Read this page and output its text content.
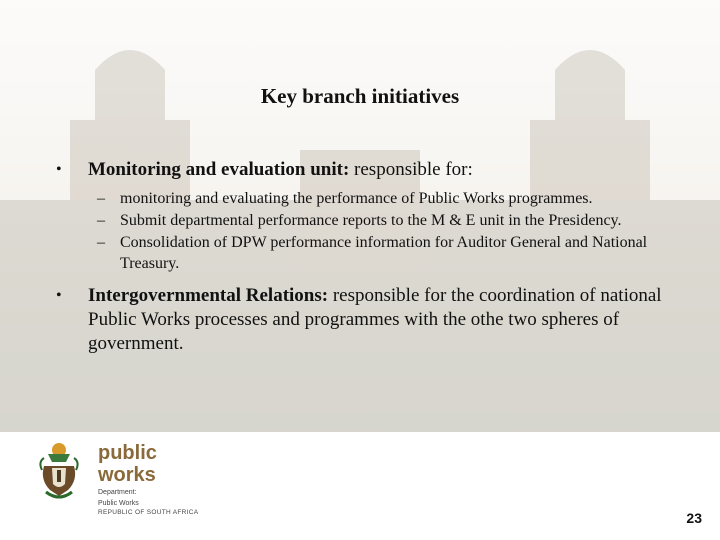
Key branch initiatives
• Monitoring and evaluation unit: responsible for:
– monitoring and evaluating the performance of Public Works programmes.
– Submit departmental performance reports to the M & E unit in the Presidency.
– Consolidation of DPW performance information for Auditor General and National Treasury.
• Intergovernmental Relations: responsible for the coordination of national Public Works processes and programmes with the othe two spheres of government.
public works
Department:
Public Works
REPUBLIC OF SOUTH AFRICA	23
